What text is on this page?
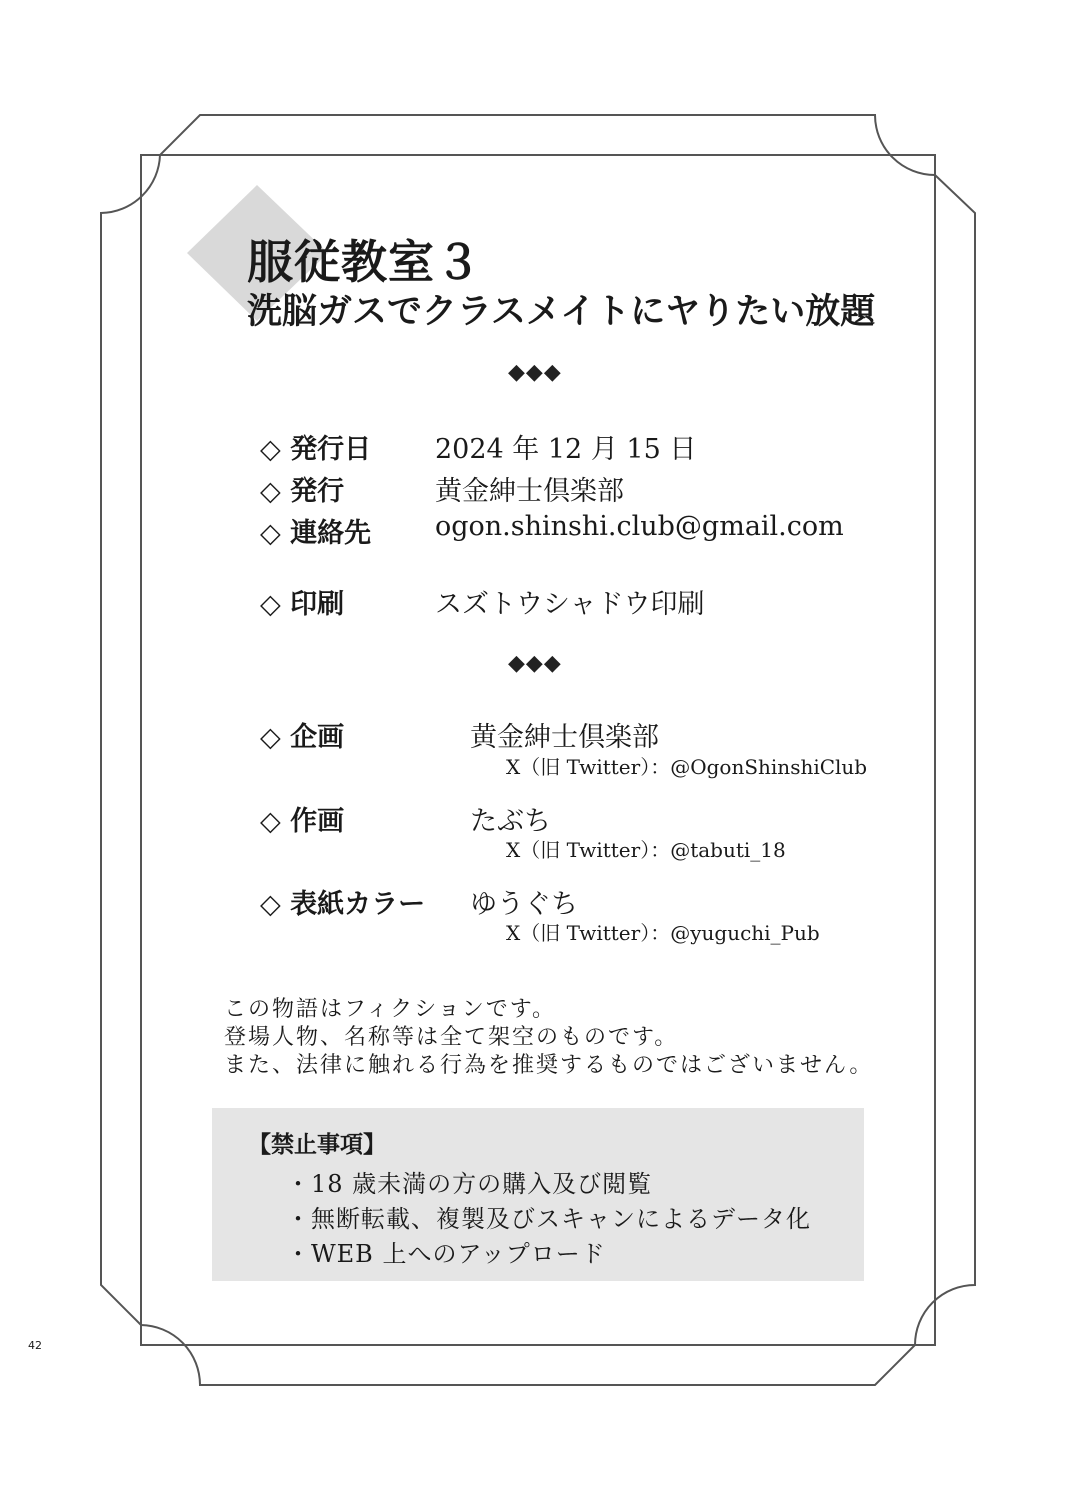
服従教室３
洗脳ガスでクラスメイトにヤりたい放題
◆◆◆
◇ 発行日 2024 年 12 月 15 日
◇ 発行	黄金紳士倶楽部
◇ 連絡先 ogon.shinshi.club@gmail.com
◇ 印刷	スズトウシャドウ印刷
◆◆◆
◇ 企画	黄金紳士倶楽部
X（旧 Twitter）：@OgonShinshiClub
◇ 作画	たぶち
X（旧 Twitter）：@tabuti_18
◇ 表紙カラー ゆうぐち
X（旧 Twitter）：@yuguchi_Pub
この物語はフィクションです。
登場人物、名称等は全て架空のものです。
また、法律に触れる行為を推奨するものではございません。
【禁止事項】
・18 歳未満の方の購入及び閲覧
・無断転載、複製及びスキャンによるデータ化
・WEB 上へのアップロード
42
